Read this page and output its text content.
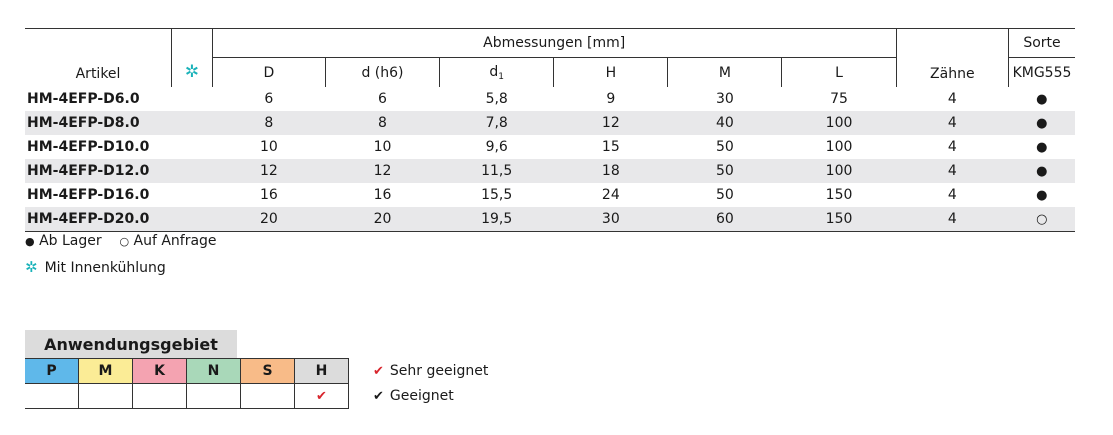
Artikel	✲	Abmessungen [mm]						Zähne	Sorte
		D	d (h6)	$d_1$	H	M	L		KMG555
HM-4EFP-D6.0		6	6	5,8	9	30	75	4	●
HM-4EFP-D8.0		8	8	7,8	12	40	100	4	●
HM-4EFP-D10.0		10	10	9,6	15	50	100	4	●
HM-4EFP-D12.0		12	12	11,5	18	50	100	4	●
HM-4EFP-D16.0		16	16	15,5	24	50	150	4	●
HM-4EFP-D20.0		20	20	19,5	30	60	150	4	○
● Ab Lager ○ Auf Anfrage
✲ Mit Innenkühlung
Anwendungsgebiet
P	M	K	N	S	H
					✔
✔ Sehr geeignet
✔ Geeignet
